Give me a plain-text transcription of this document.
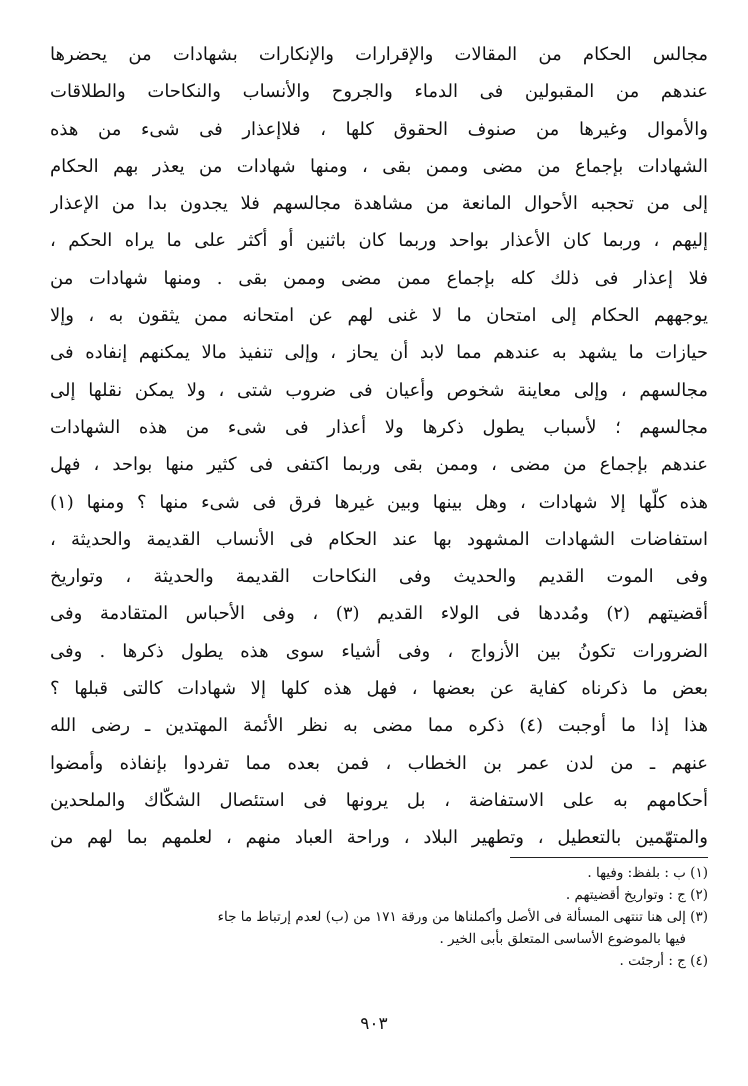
مجالس الحكام من المقالات والإقرارات والإنكارات بشهادات من يحضرها
عندهم من المقبولين فى الدماء والجروح والأنساب والنكاحات والطلاقات
والأموال وغيرها من صنوف الحقوق كلها ، فلاإعذار فى شىء من هذه
الشهادات بإجماع من مضى وممن بقى ، ومنها شهادات من يعذر بهم الحكام
إلى من تحجبه الأحوال المانعة من مشاهدة مجالسهم فلا يجدون بدا من الإعذار
إليهم ، وربما كان الأعذار بواحد وربما كان باثنين أو أكثر على ما يراه الحكم ،
فلا إعذار فى ذلك كله بإجماع ممن مضى وممن بقى . ومنها شهادات من
يوجههم الحكام إلى امتحان ما لا غنى لهم عن امتحانه ممن يثقون به ، وإلا
حيازات ما يشهد به عندهم مما لابد أن يحاز ، وإلى تنفيذ مالا يمكنهم إنفاده فى
مجالسهم ، وإلى معاينة شخوص وأعيان فى ضروب شتى ، ولا يمكن نقلها إلى
مجالسهم ؛ لأسباب يطول ذكرها ولا أعذار فى شىء من هذه الشهادات
عندهم بإجماع من مضى ، وممن بقى وربما اكتفى فى كثير منها بواحد ، فهل
هذه كلّها إلا شهادات ، وهل بينها وبين غيرها فرق فى شىء منها ؟ ومنها (١)
استفاضات الشهادات المشهود بها عند الحكام فى الأنساب القديمة والحديثة ،
وفى الموت القديم والحديث وفى النكاحات القديمة والحديثة ، وتواريخ
أقضيتهم (٢) ومُددها فى الولاء القديم (٣) ، وفى الأحباس المتقادمة وفى
الضرورات تكونُ بين الأزواج ، وفى أشياء سوى هذه يطول ذكرها . وفى
بعض ما ذكرناه كفاية عن بعضها ، فهل هذه كلها إلا شهادات كالتى قبلها ؟
هذا إذا ما أوجبت (٤) ذكره مما مضى به نظر الأئمة المهتدين ـ رضى الله
عنهم ـ من لدن عمر بن الخطاب ، فمن بعده مما تفردوا بإنفاذه وأمضوا
أحكامهم به على الاستفاضة ، بل يرونها فى استئصال الشكّاك والملحدين
والمتهّمين بالتعطيل ، وتطهير البلاد ، وراحة العباد منهم ، لعلمهم بما لهم من
(١) ب : بلفظ: وفيها .
(٢) ج : وتواريخ أقضيتهم .
(٣) إلى هنا تنتهى المسألة فى الأصل وأكملناها من ورقة ١٧١ من (ب) لعدم إرتباط ما جاء
فيها بالموضوع الأساسى المتعلق بأبى الخير .
(٤) ج : أرجئت .
٩٠٣
